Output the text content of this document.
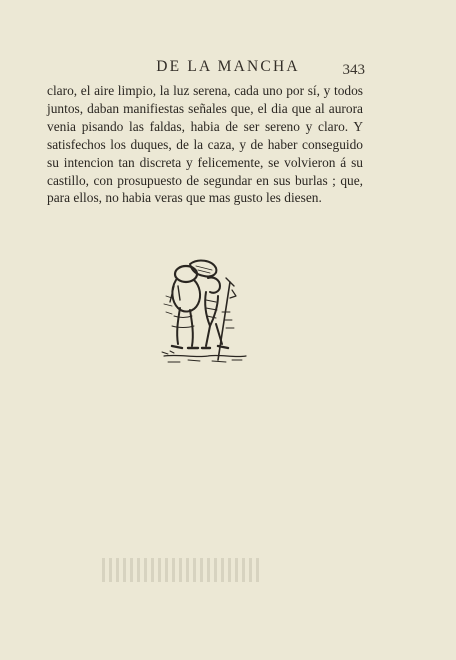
DE LA MANCHA	343

claro, el aire limpio, la luz serena, cada uno por sí, y todos juntos, daban manifiestas señales que, el dia que al aurora venia pisando las faldas, habia de ser sereno y claro. Y satisfechos los duques, de la caza, y de haber conseguido su intencion tan discreta y felicemente, se volvieron á su castillo, con prosupuesto de segundar en sus burlas ; que, para ellos, no habia veras que mas gusto les diesen.
